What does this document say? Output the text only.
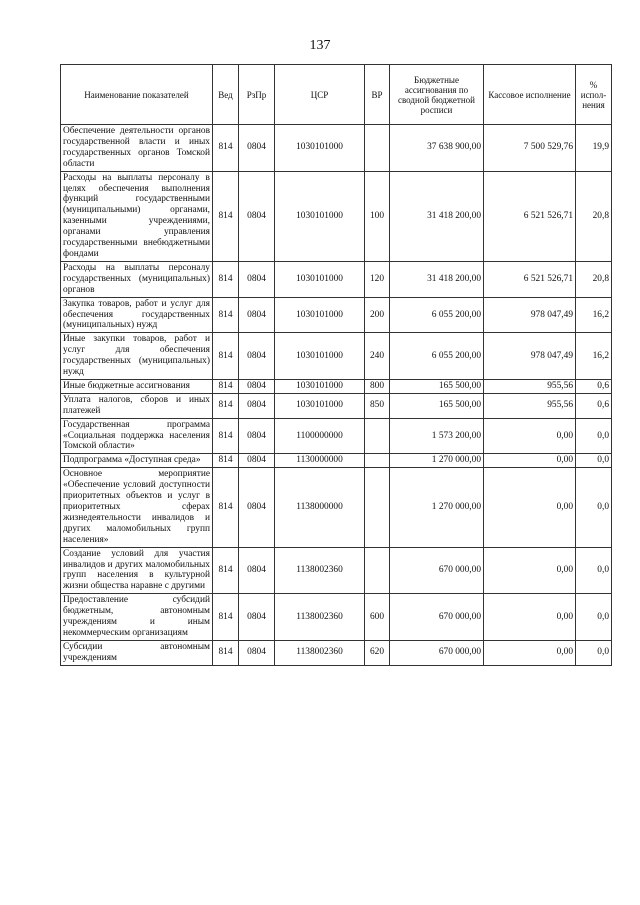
137
Наименование показателей	Вед	РзПр	ЦСР	ВР	Бюджетные ассигнования по сводной бюджетной росписи	Кассовое исполнение	% испол-нения
Обеспечение деятельности органов государственной власти и иных государственных органов Томской области	814	0804	1030101000		37 638 900,00	7 500 529,76	19,9
Расходы на выплаты персоналу в целях обеспечения выполнения функций государственными (муниципальными) органами, казенными учреждениями, органами управления государственными внебюджетными фондами	814	0804	1030101000	100	31 418 200,00	6 521 526,71	20,8
Расходы на выплаты персоналу государственных (муниципальных) органов	814	0804	1030101000	120	31 418 200,00	6 521 526,71	20,8
Закупка товаров, работ и услуг для обеспечения государственных (муниципальных) нужд	814	0804	1030101000	200	6 055 200,00	978 047,49	16,2
Иные закупки товаров, работ и услуг для обеспечения государственных (муниципальных) нужд	814	0804	1030101000	240	6 055 200,00	978 047,49	16,2
Иные бюджетные ассигнования	814	0804	1030101000	800	165 500,00	955,56	0,6
Уплата налогов, сборов и иных платежей	814	0804	1030101000	850	165 500,00	955,56	0,6
Государственная программа «Социальная поддержка населения Томской области»	814	0804	1100000000		1 573 200,00	0,00	0,0
Подпрограмма «Доступная среда»	814	0804	1130000000		1 270 000,00	0,00	0,0
Основное мероприятие «Обеспечение условий доступности приоритетных объектов и услуг в приоритетных сферах жизнедеятельности инвалидов и других маломобильных групп населения»	814	0804	1138000000		1 270 000,00	0,00	0,0
Создание условий для участия инвалидов и других маломобильных групп населения в культурной жизни общества наравне с другими	814	0804	1138002360		670 000,00	0,00	0,0
Предоставление субсидий бюджетным, автономным учреждениям и иным некоммерческим организациям	814	0804	1138002360	600	670 000,00	0,00	0,0
Субсидии автономным учреждениям	814	0804	1138002360	620	670 000,00	0,00	0,0
